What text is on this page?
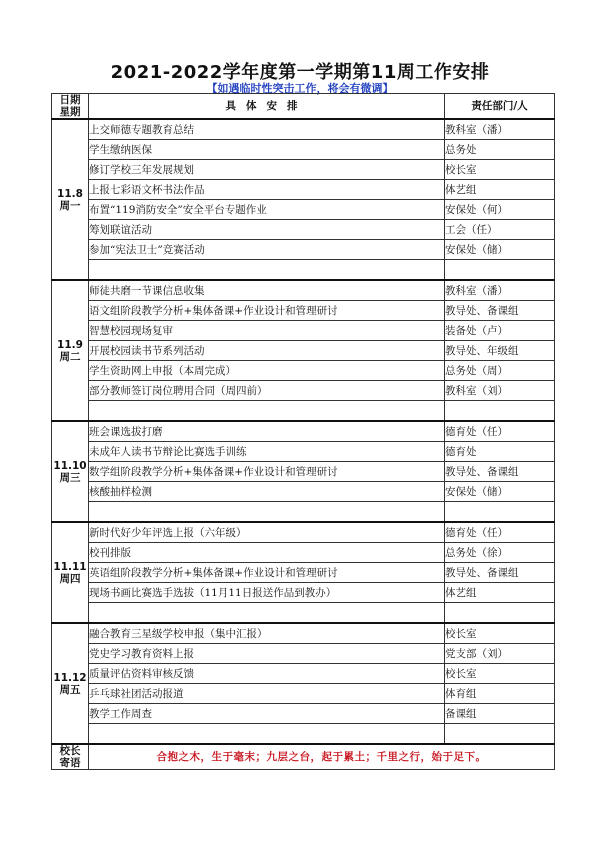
2021-2022学年度第一学期第11周工作安排
【如遇临时性突击工作，将会有微调】
日期
星期	具体安排	责任部门/人

11.8
周一	上交师德专题教育总结	教科室（潘）
	学生缴纳医保	总务处
	修订学校三年发展规划	校长室
	上报七彩语文杯书法作品	体艺组
	布置“119消防安全”安全平台专题作业	安保处（何）
	筹划联谊活动	工会（任）
	参加“宪法卫士”竞赛活动	安保处（储）

11.9
周二	师徒共磨一节课信息收集	教科室（潘）
	语文组阶段教学分析+集体备课+作业设计和管理研讨	教导处、备课组
	智慧校园现场复审	装备处（卢）
	开展校园读书节系列活动	教导处、年级组
	学生资助网上申报（本周完成）	总务处（周）
	部分教师签订岗位聘用合同（周四前）	教科室（刘）

11.10
周三	班会课选拔打磨	德育处（任）
	未成年人读书节辩论比赛选手训练	德育处
	数学组阶段教学分析+集体备课+作业设计和管理研讨	教导处、备课组
	核酸抽样检测	安保处（储）

11.11
周四	新时代好少年评选上报（六年级）	德育处（任）
	校刊排版	总务处（徐）
	英语组阶段教学分析+集体备课+作业设计和管理研讨	教导处、备课组
	现场书画比赛选手选拔（11月11日报送作品到教办）	体艺组

11.12
周五	融合教育三星级学校申报（集中汇报）	校长室
	党史学习教育资料上报	党支部（刘）
	质量评估资料审核反馈	校长室
	乒乓球社团活动报道	体育组
	教学工作周查	备课组

校长
寄语	合抱之木，生于毫末；九层之台，起于累土；千里之行，始于足下。	
